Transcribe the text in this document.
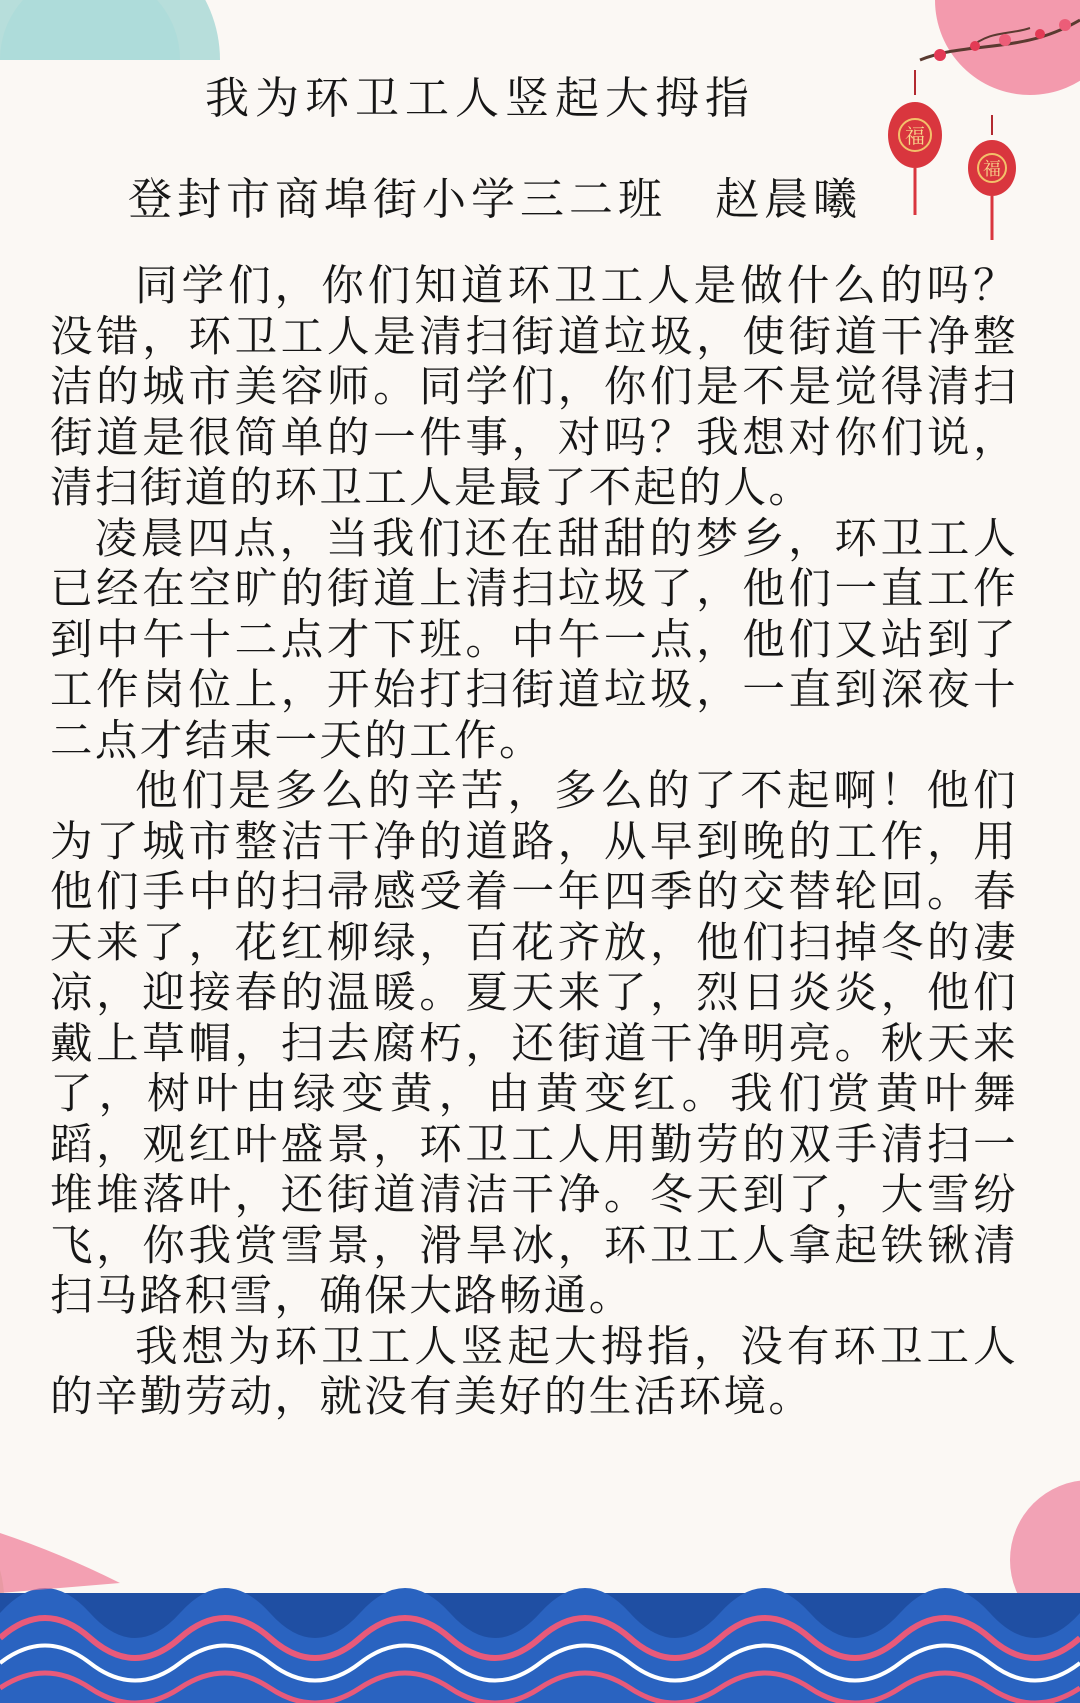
福
福
我为环卫工人竖起大拇指
登封市商埠街小学三二班 赵晨曦

同学们，你们知道环卫工人是做什么的吗？没错，环卫工人是清扫街道垃圾，使街道干净整洁的城市美容师。同学们，你们是不是觉得清扫街道是很简单的一件事，对吗？我想对你们说，清扫街道的环卫工人是最了不起的人。

凌晨四点，当我们还在甜甜的梦乡，环卫工人已经在空旷的街道上清扫垃圾了，他们一直工作到中午十二点才下班。中午一点，他们又站到了工作岗位上，开始打扫街道垃圾，一直到深夜十二点才结束一天的工作。

他们是多么的辛苦，多么的了不起啊！他们为了城市整洁干净的道路，从早到晚的工作，用他们手中的扫帚感受着一年四季的交替轮回。春天来了，花红柳绿，百花齐放，他们扫掉冬的凄凉，迎接春的温暖。夏天来了，烈日炎炎，他们戴上草帽，扫去腐朽，还街道干净明亮。秋天来了，树叶由绿变黄，由黄变红。我们赏黄叶舞蹈，观红叶盛景，环卫工人用勤劳的双手清扫一堆堆落叶，还街道清洁干净。冬天到了，大雪纷飞，你我赏雪景，滑旱冰，环卫工人拿起铁锹清扫马路积雪，确保大路畅通。

我想为环卫工人竖起大拇指，没有环卫工人的辛勤劳动，就没有美好的生活环境。
